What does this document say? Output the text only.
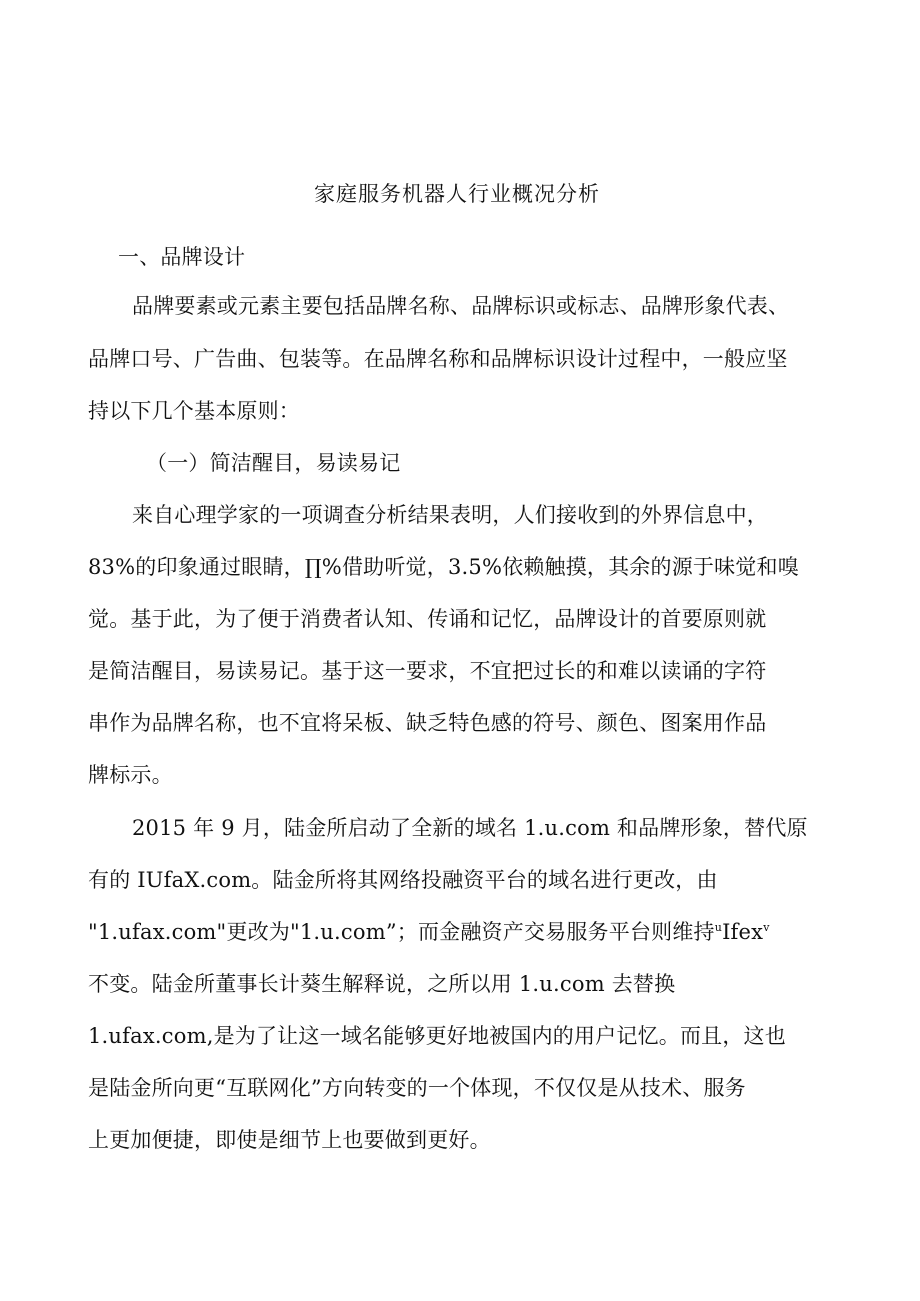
家庭服务机器人行业概况分析
一、品牌设计
品牌要素或元素主要包括品牌名称、品牌标识或标志、品牌形象代表、
品牌口号、广告曲、包装等。在品牌名称和品牌标识设计过程中，一般应坚
持以下几个基本原则：
（一）简洁醒目，易读易记
来自心理学家的一项调查分析结果表明，人们接收到的外界信息中，
83%的印象通过眼睛，∏%借助听觉，3.5%依赖触摸，其余的源于味觉和嗅
觉。基于此，为了便于消费者认知、传诵和记忆，品牌设计的首要原则就
是简洁醒目，易读易记。基于这一要求，不宜把过长的和难以读诵的字符
串作为品牌名称，也不宜将呆板、缺乏特色感的符号、颜色、图案用作品
牌标示。
2015 年 9 月，陆金所启动了全新的域名 1.u.com 和品牌形象，替代原
有的 IUfaX.com。陆金所将其网络投融资平台的域名进行更改，由
"1.ufax.com"更改为"1.u.com”；而金融资产交易服务平台则维持$^u$Ifex$^v$
不变。陆金所董事长计葵生解释说，之所以用 1.u.com 去替换
1.ufax.com,是为了让这一域名能够更好地被国内的用户记忆。而且，这也
是陆金所向更“互联网化”方向转变的一个体现，不仅仅是从技术、服务
上更加便捷，即使是细节上也要做到更好。
